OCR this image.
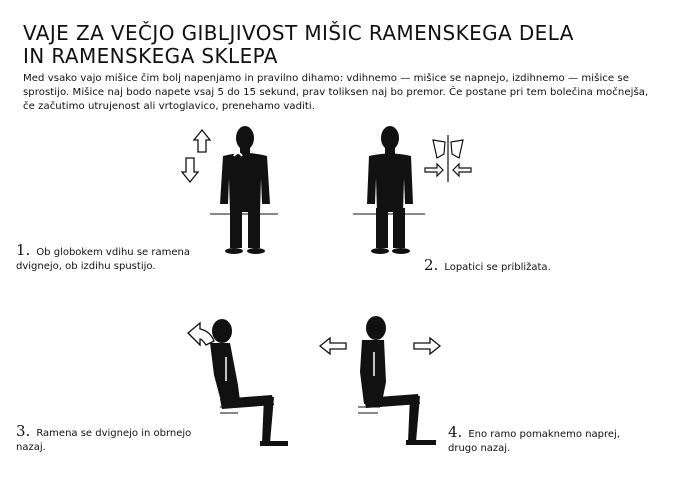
VAJE ZA VEČJO GIBLJIVOST MIŠIC RAMENSKEGA DELA
IN RAMENSKEGA SKLEPA

Med vsako vajo mišice čim bolj napenjamo in pravilno dihamo: vdihnemo — mišice se napnejo, izdihnemo — mišice se sprostijo. Mišice naj bodo napete vsaj 5 do 15 sekund, prav toliksen naj bo premor. Če postane pri tem bolečina močnejša, če začutimo utrujenost ali vrtoglavico, prenehamo vaditi.

1. Ob globokem vdihu se ramena
dvigneјo, ob izdihu spustijo.	2. Lopatici se približata.

3. Ramena se dvigneјo in obrnejo
nazaj.

4. Eno ramo pomaknemo naprej,
drugo nazaj.
